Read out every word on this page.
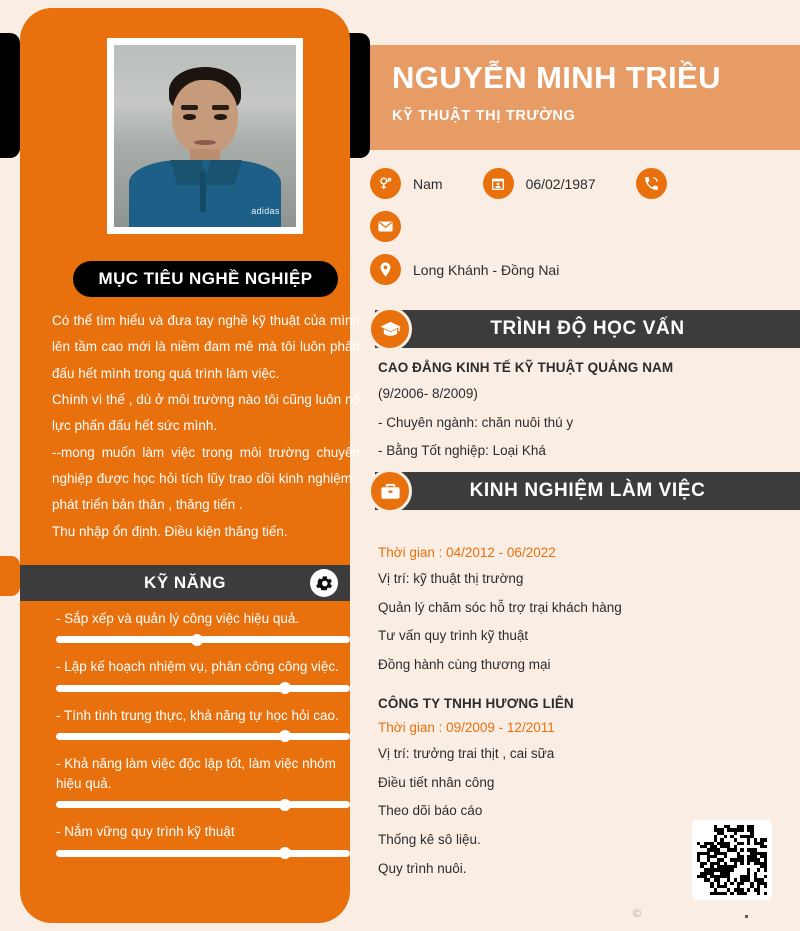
adidas
MỤC TIÊU NGHỀ NGHIỆP

Có thể tìm hiểu và đưa tay nghề kỹ thuật của mình lên tầm cao mới là niềm đam mê mà tôi luôn phấn đấu hết mình trong quá trình làm việc.

Chính vì thế , dù ở môi trường nào tôi cũng luôn nổ lực phấn đấu hết sức mình.

--mong muốn làm việc trong môi trường chuyên nghiệp được học hỏi tích lũy trao dồi kinh nghiệm , phát triển bản thân , thăng tiến .

Thu nhập ổn định. Điều kiện thăng tiến.

KỸ NĂNG
- Sắp xếp và quản lý công việc hiệu quả.
- Lập kế hoạch nhiệm vụ, phân công công việc.
- Tính tình trung thực, khả năng tự học hỏi cao.
- Khả năng làm việc độc lập tốt, làm việc nhóm hiệu quả.
- Nắm vững quy trình kỹ thuật
NGUYỄN MINH TRIỀU
KỸ THUẬT THỊ TRƯỜNG
Nam	06/02/1987
Long Khánh - Đồng Nai
TRÌNH ĐỘ HỌC VẤN
CAO ĐẲNG KINH TẾ KỸ THUẬT QUẢNG NAM
(9/2006- 8/2009)
- Chuyên ngành: chăn nuôi thú y
- Bằng Tốt nghiệp: Loại Khá
KINH NGHIỆM LÀM VIỆC
Thời gian : 04/2012 - 06/2022
Vị trí: kỹ thuật thị trường
Quản lý chăm sóc hỗ trợ trại khách hàng
Tư vấn quy trình kỹ thuật
Đồng hành cùng thương mại
CÔNG TY TNHH HƯƠNG LIÊN
Thời gian : 09/2009 - 12/2011
Vị trí: trưởng trai thịt , cai sữa
Điều tiết nhân công
Theo dõi báo cáo
Thống kê sô liệu.
Quy trình nuôi.
©
